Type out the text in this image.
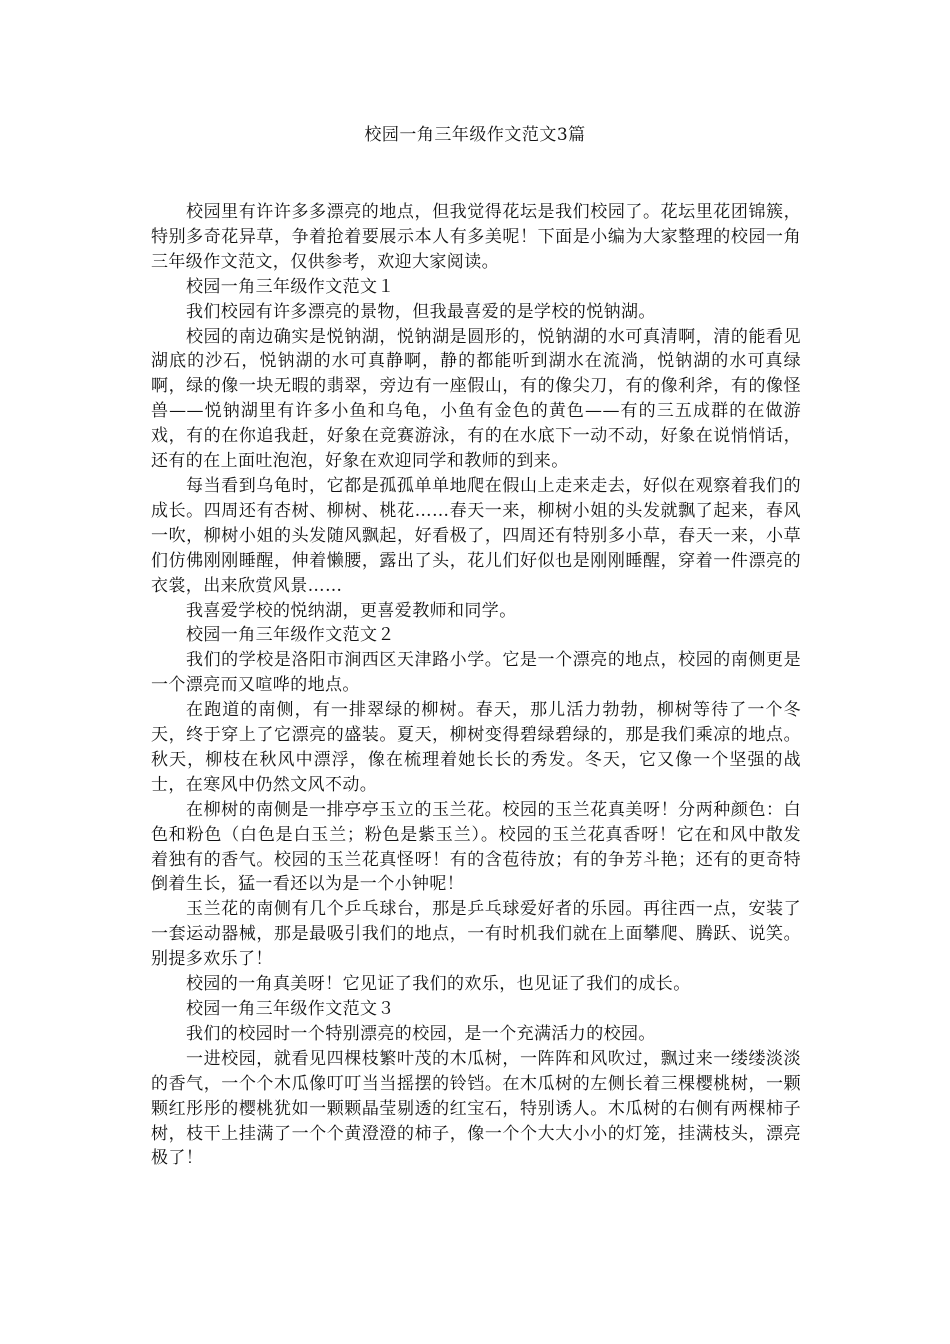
校园一角三年级作文范文3篇

校园里有许许多多漂亮的地点，但我觉得花坛是我们校园了。花坛里花团锦簇，特别多奇花异草，争着抢着要展示本人有多美呢！下面是小编为大家整理的校园一角三年级作文范文，仅供参考，欢迎大家阅读。

校园一角三年级作文范文１

我们校园有许多漂亮的景物，但我最喜爱的是学校的悦钠湖。

校园的南边确实是悦钠湖，悦钠湖是圆形的，悦钠湖的水可真清啊，清的能看见湖底的沙石，悦钠湖的水可真静啊，静的都能听到湖水在流淌，悦钠湖的水可真绿啊，绿的像一块无暇的翡翠，旁边有一座假山，有的像尖刀，有的像利斧，有的像怪兽——悦钠湖里有许多小鱼和乌龟，小鱼有金色的黄色——有的三五成群的在做游戏，有的在你追我赶，好象在竞赛游泳，有的在水底下一动不动，好象在说悄悄话，还有的在上面吐泡泡，好象在欢迎同学和教师的到来。

每当看到乌龟时，它都是孤孤单单地爬在假山上走来走去，好似在观察着我们的成长。四周还有杏树、柳树、桃花……春天一来，柳树小姐的头发就飘了起来，春风一吹，柳树小姐的头发随风飘起，好看极了，四周还有特别多小草，春天一来，小草们仿佛刚刚睡醒，伸着懒腰，露出了头，花儿们好似也是刚刚睡醒，穿着一件漂亮的衣裳，出来欣赏风景……

我喜爱学校的悦纳湖，更喜爱教师和同学。

校园一角三年级作文范文２

我们的学校是洛阳市涧西区天津路小学。它是一个漂亮的地点，校园的南侧更是一个漂亮而又喧哗的地点。

在跑道的南侧，有一排翠绿的柳树。春天，那儿活力勃勃，柳树等待了一个冬天，终于穿上了它漂亮的盛装。夏天，柳树变得碧绿碧绿的，那是我们乘凉的地点。秋天，柳枝在秋风中漂浮，像在梳理着她长长的秀发。冬天，它又像一个坚强的战士，在寒风中仍然文风不动。

在柳树的南侧是一排亭亭玉立的玉兰花。校园的玉兰花真美呀！分两种颜色：白色和粉色（白色是白玉兰；粉色是紫玉兰）。校园的玉兰花真香呀！它在和风中散发着独有的香气。校园的玉兰花真怪呀！有的含苞待放；有的争芳斗艳；还有的更奇特倒着生长，猛一看还以为是一个小钟呢！

玉兰花的南侧有几个乒乓球台，那是乒乓球爱好者的乐园。再往西一点，安装了一套运动器械，那是最吸引我们的地点，一有时机我们就在上面攀爬、腾跃、说笑。别提多欢乐了！

校园的一角真美呀！它见证了我们的欢乐，也见证了我们的成长。

校园一角三年级作文范文３

我们的校园时一个特别漂亮的校园，是一个充满活力的校园。

一进校园，就看见四棵枝繁叶茂的木瓜树，一阵阵和风吹过，飘过来一缕缕淡淡的香气，一个个木瓜像叮叮当当摇摆的铃铛。在木瓜树的左侧长着三棵樱桃树，一颗颗红彤彤的樱桃犹如一颗颗晶莹剔透的红宝石，特别诱人。木瓜树的右侧有两棵柿子树，枝干上挂满了一个个黄澄澄的柿子，像一个个大大小小的灯笼，挂满枝头，漂亮极了！
